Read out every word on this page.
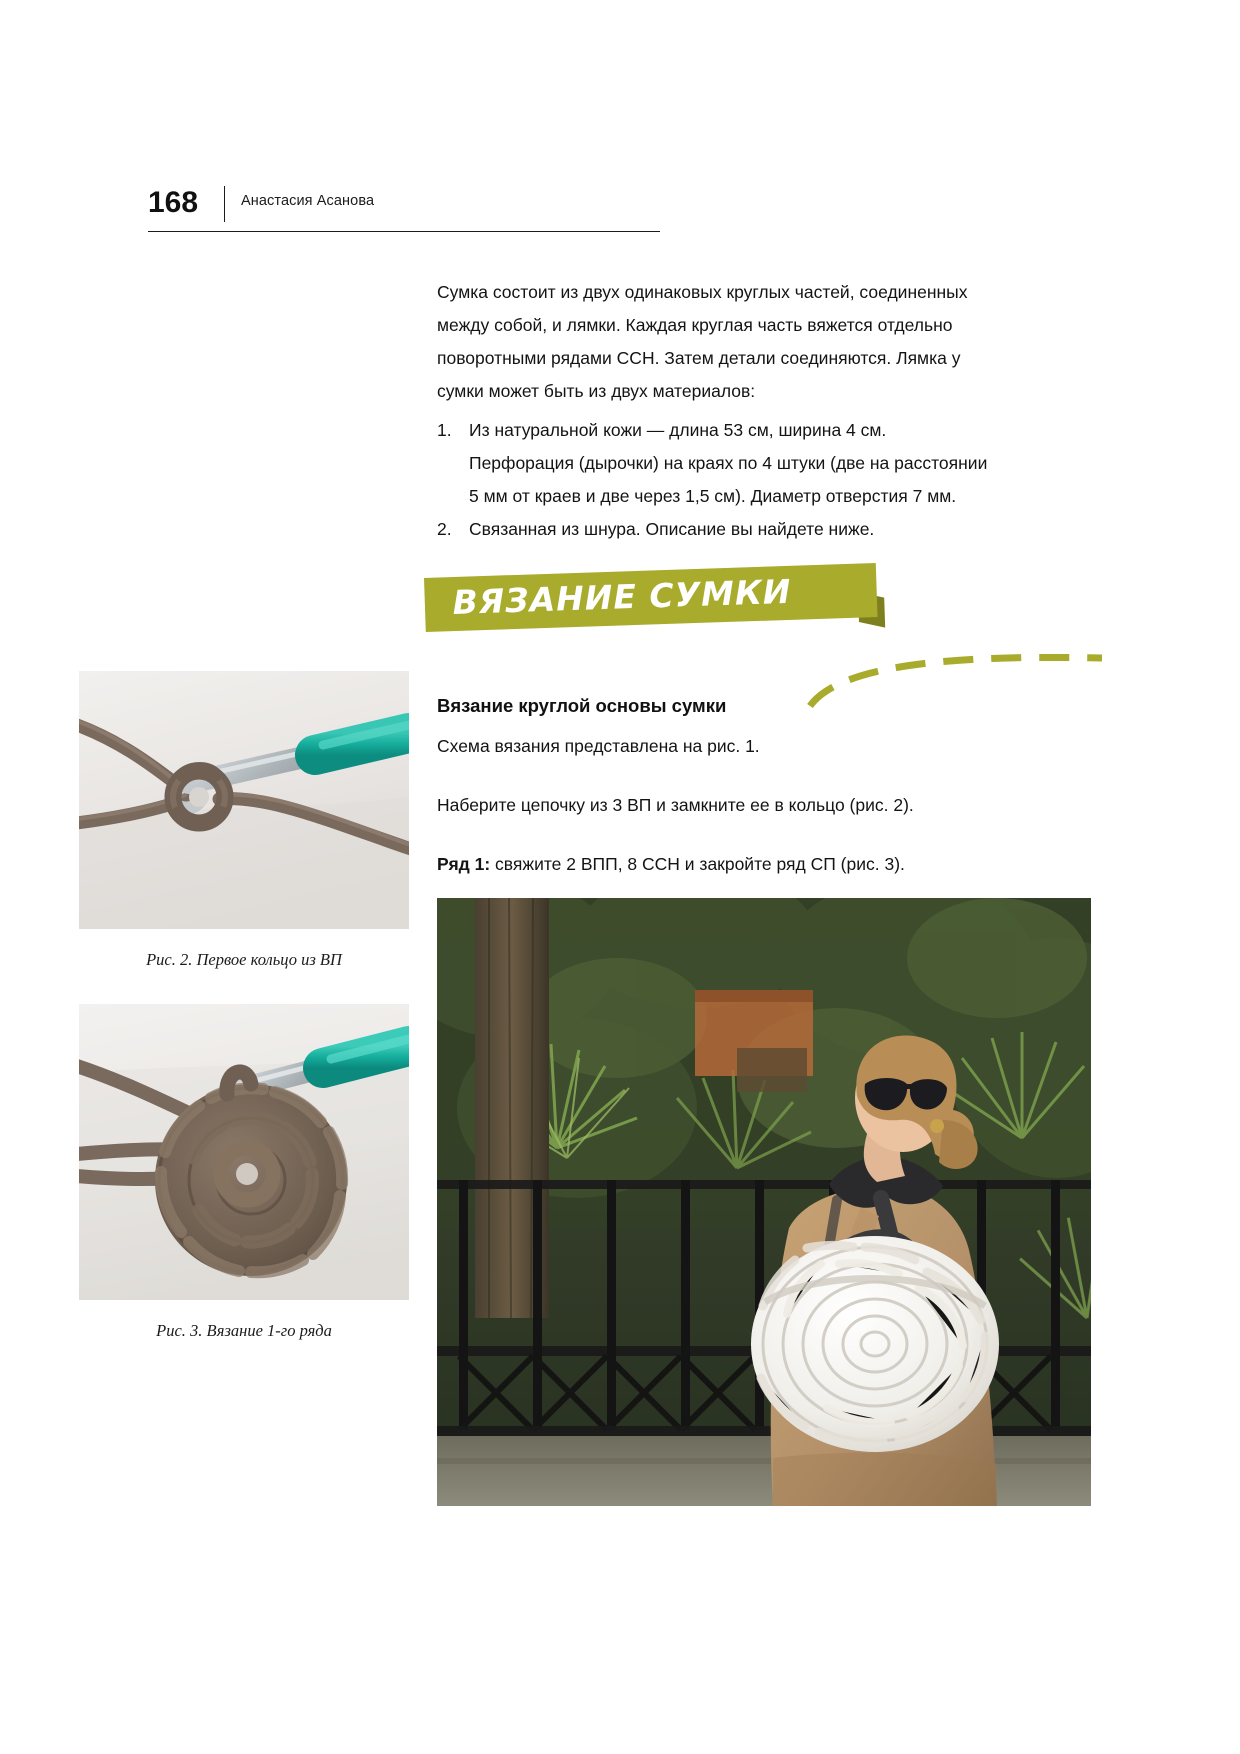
168	Анастасия Асанова

Сумка состоит из двух одинаковых круглых частей, соединенных между собой, и лямки. Каждая круглая часть вяжется отдельно поворотными рядами ССН. Затем детали соединяются. Лямка у сумки может быть из двух материалов:

1. Из натуральной кожи — длина 53 см, ширина 4 см. Перфорация (дырочки) на краях по 4 штуки (две на расстоянии 5 мм от краев и две через 1,5 см). Диаметр отверстия 7 мм.
2. Связанная из шнура. Описание вы найдете ниже.
ВЯЗАНИЕ СУМКИ
Вязание круглой основы сумки

Схема вязания представлена на рис. 1.

Наберите цепочку из 3 ВП и замкните ее в кольцо (рис. 2).

Ряд 1: свяжите 2 ВПП, 8 ССН и закройте ряд СП (рис. 3).

Рис. 2. Первое кольцо из ВП
Рис. 3. Вязание 1-го ряда
